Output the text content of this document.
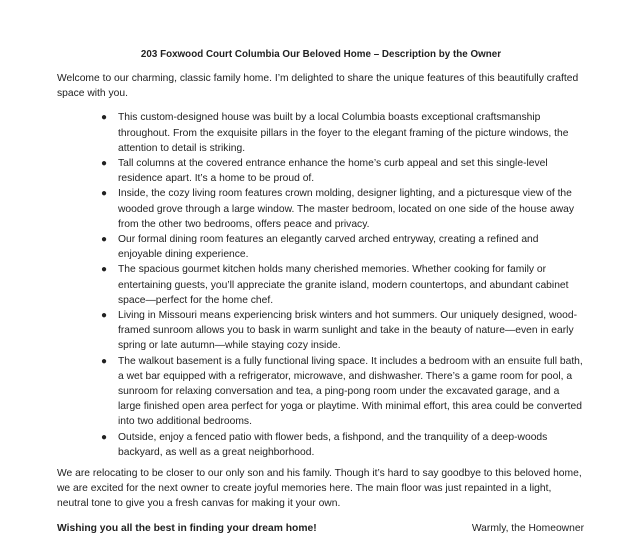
203 Foxwood Court Columbia Our Beloved Home – Description by the Owner

Welcome to our charming, classic family home. I’m delighted to share the unique features of this beautifully crafted space with you.

● This custom-designed house was built by a local Columbia boasts exceptional craftsmanship throughout. From the exquisite pillars in the foyer to the elegant framing of the picture windows, the attention to detail is striking.
● Tall columns at the covered entrance enhance the home’s curb appeal and set this single-level residence apart. It’s a home to be proud of.
● Inside, the cozy living room features crown molding, designer lighting, and a picturesque view of the wooded grove through a large window. The master bedroom, located on one side of the house away from the other two bedrooms, offers peace and privacy.
● Our formal dining room features an elegantly carved arched entryway, creating a refined and enjoyable dining experience.
● The spacious gourmet kitchen holds many cherished memories. Whether cooking for family or entertaining guests, you’ll appreciate the granite island, modern countertops, and abundant cabinet space—perfect for the home chef.
● Living in Missouri means experiencing brisk winters and hot summers. Our uniquely designed, wood-framed sunroom allows you to bask in warm sunlight and take in the beauty of nature—even in early spring or late autumn—while staying cozy inside.
● The walkout basement is a fully functional living space. It includes a bedroom with an ensuite full bath, a wet bar equipped with a refrigerator, microwave, and dishwasher. There’s a game room for pool, a sunroom for relaxing conversation and tea, a ping-pong room under the excavated garage, and a large finished open area perfect for yoga or playtime. With minimal effort, this area could be converted into two additional bedrooms.
● Outside, enjoy a fenced patio with flower beds, a fishpond, and the tranquility of a deep-woods backyard, as well as a great neighborhood.

We are relocating to be closer to our only son and his family. Though it’s hard to say goodbye to this beloved home, we are excited for the next owner to create joyful memories here. The main floor was just repainted in a light, neutral tone to give you a fresh canvas for making it your own.

Wishing you all the best in finding your dream home!	Warmly, the Homeowner
